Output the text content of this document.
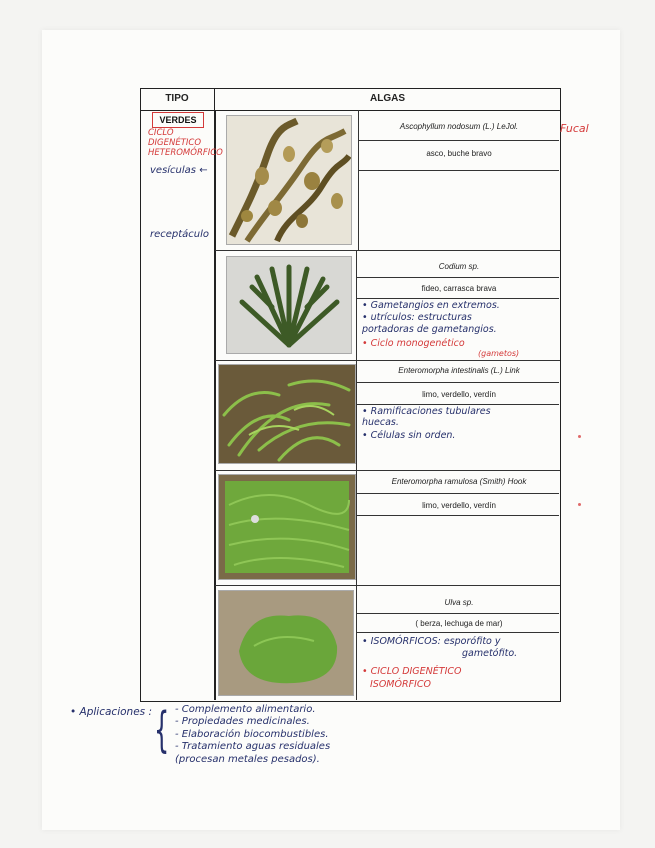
TIPO	ALGAS
VERDES
CICLO
DIGENÉTICO
HETEROMÓRFICO
vesículas ←
receptáculo
Fucal
Ascophyllum nodosum (L.) LeJol.
asco, buche bravo
Codium sp.
fideo, carrasca brava
• Gametangios en extremos.
• utrículos: estructuras
portadoras de gametangios.
• Ciclo monogenético
(gametos)
Enteromorpha intestinalis (L.) Link
limo, verdello, verdín
• Ramificaciones tubulares
huecas.
• Células sin orden.
Enteromorpha ramulosa (Smith) Hook
limo, verdello, verdín
Ulva sp.
( berza, lechuga de mar)
• ISOMÓRFICOS: esporófito y
gametófito.
• CICLO DIGENÉTICO
ISOMÓRFICO
• Aplicaciones : { - Complemento alimentario.
- Propiedades medicinales.
- Elaboración biocombustibles.
- Tratamiento aguas residuales
(procesan metales pesados).
